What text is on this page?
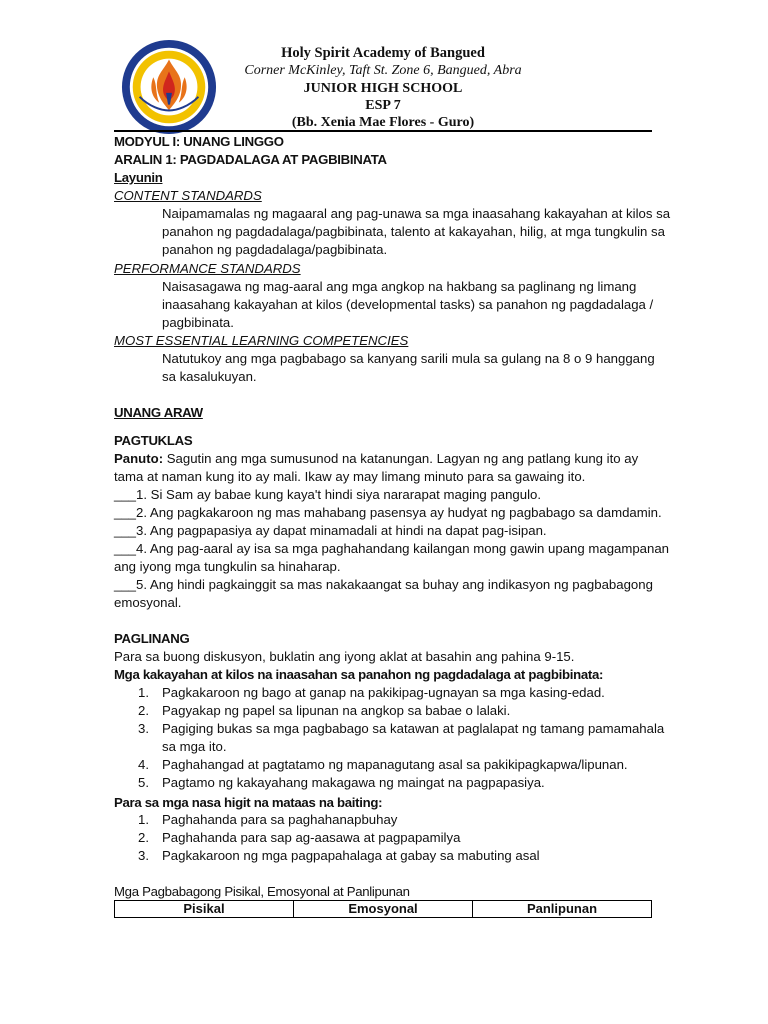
Holy Spirit Academy of Bangued
Corner McKinley, Taft St. Zone 6, Bangued, Abra
JUNIOR HIGH SCHOOL
ESP 7
(Bb. Xenia Mae Flores - Guro)
MODYUL I: UNANG LINGGO
ARALIN 1: PAGDADALAGA AT PAGBIBINATA
Layunin
CONTENT STANDARDS
Naipamamalas ng magaaral ang pag-unawa sa mga inaasahang kakayahan at kilos sa
panahon ng pagdadalaga/pagbibinata, talento at kakayahan, hilig, at mga tungkulin sa
panahon ng pagdadalaga/pagbibinata.
PERFORMANCE STANDARDS
Naisasagawa ng mag-aaral ang mga angkop na hakbang sa paglinang ng limang
inaasahang kakayahan at kilos (developmental tasks) sa panahon ng pagdadalaga /
pagbibinata.
MOST ESSENTIAL LEARNING COMPETENCIES
Natutukoy ang mga pagbabago sa kanyang sarili mula sa gulang na 8 o 9 hanggang
sa kasalukuyan.
UNANG ARAW
PAGTUKLAS
Panuto: Sagutin ang mga sumusunod na katanungan. Lagyan ng ang patlang kung ito ay
tama at naman kung ito ay mali. Ikaw ay may limang minuto para sa gawaing ito.
___1. Si Sam ay babae kung kaya't hindi siya nararapat maging pangulo.
___2. Ang pagkakaroon ng mas mahabang pasensya ay hudyat ng pagbabago sa damdamin.
___3. Ang pagpapasiya ay dapat minamadali at hindi na dapat pag-isipan.
___4. Ang pag-aaral ay isa sa mga paghahandang kailangan mong gawin upang magampanan
ang iyong mga tungkulin sa hinaharap.
___5. Ang hindi pagkainggit sa mas nakakaangat sa buhay ang indikasyon ng pagbabagong
emosyonal.
PAGLINANG
Para sa buong diskusyon, buklatin ang iyong aklat at basahin ang pahina 9-15.
Mga kakayahan at kilos na inaasahan sa panahon ng pagdadalaga at pagbibinata:
1. Pagkakaroon ng bago at ganap na pakikipag-ugnayan sa mga kasing-edad.
2. Pagyakap ng papel sa lipunan na angkop sa babae o lalaki.
3. Pagiging bukas sa mga pagbabago sa katawan at paglalapat ng tamang pamamahala
sa mga ito.
4. Paghahangad at pagtatamo ng mapanagutang asal sa pakikipagkapwa/lipunan.
5. Pagtamo ng kakayahang makagawa ng maingat na pagpapasiya.
Para sa mga nasa higit na mataas na baiting:
1. Paghahanda para sa paghahanapbuhay
2. Paghahanda para sap ag-aasawa at pagpapamilya
3. Pagkakaroon ng mga pagpapahalaga at gabay sa mabuting asal
Mga Pagbabagong Pisikal, Emosyonal at Panlipunan
Pisikal	Emosyonal	Panlipunan
